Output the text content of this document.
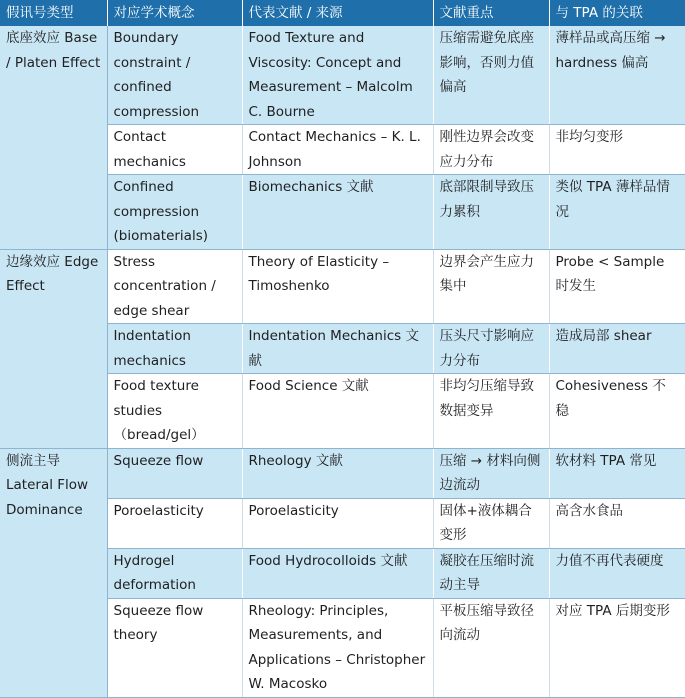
假讯号类型	对应学术概念	代表文献 / 来源	文献重点	与 TPA 的关联
底座效应 Base / Platen Effect	Boundary constraint / confined compression	Food Texture and Viscosity: Concept and Measurement – Malcolm C. Bourne	压缩需避免底座影响，否则力值偏高	薄样品或高压缩 → hardness 偏高
	Contact mechanics	Contact Mechanics – K. L. Johnson	刚性边界会改变应力分布	非均匀变形
	Confined compression (biomaterials)	Biomechanics 文献	底部限制导致压力累积	类似 TPA 薄样品情况
边缘效应 Edge Effect	Stress concentration / edge shear	Theory of Elasticity – Timoshenko	边界会产生应力集中	Probe < Sample 时发生
	Indentation mechanics	Indentation Mechanics 文献	压头尺寸影响应力分布	造成局部 shear
	Food texture studies （bread/gel）	Food Science 文献	非均匀压缩导致数据变异	Cohesiveness 不稳
侧流主导 Lateral Flow Dominance	Squeeze flow	Rheology 文献	压缩 → 材料向侧边流动	软材料 TPA 常见
	Poroelasticity	Poroelasticity	固体+液体耦合变形	高含水食品
	Hydrogel deformation	Food Hydrocolloids 文献	凝胶在压缩时流动主导	力值不再代表硬度
	Squeeze flow theory	Rheology: Principles, Measurements, and Applications – Christopher W. Macosko	平板压缩导致径向流动	对应 TPA 后期变形
